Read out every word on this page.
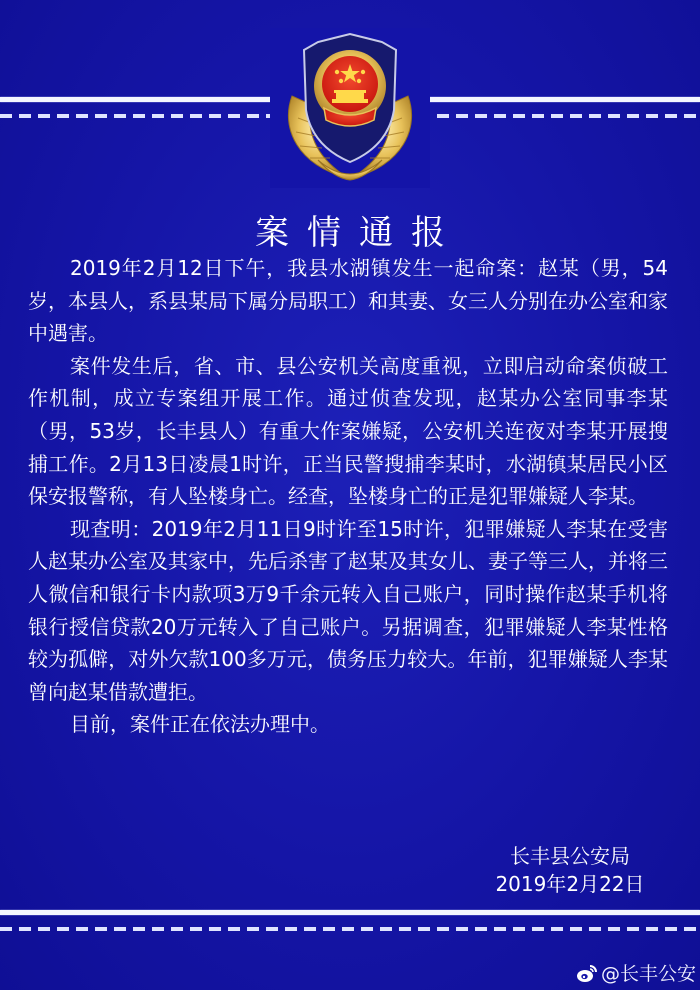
案情通报

2019年2月12日下午，我县水湖镇发生一起命案：赵某（男，54岁，本县人，系县某局下属分局职工）和其妻、女三人分别在办公室和家中遇害。

案件发生后，省、市、县公安机关高度重视，立即启动命案侦破工作机制，成立专案组开展工作。通过侦查发现，赵某办公室同事李某（男，53岁，长丰县人）有重大作案嫌疑，公安机关连夜对李某开展搜捕工作。2月13日凌晨1时许，正当民警搜捕李某时，水湖镇某居民小区保安报警称，有人坠楼身亡。经查，坠楼身亡的正是犯罪嫌疑人李某。

现查明：2019年2月11日9时许至15时许，犯罪嫌疑人李某在受害人赵某办公室及其家中，先后杀害了赵某及其女儿、妻子等三人，并将三人微信和银行卡内款项3万9千余元转入自己账户，同时操作赵某手机将银行授信贷款20万元转入了自己账户。另据调查，犯罪嫌疑人李某性格较为孤僻，对外欠款100多万元，债务压力较大。年前，犯罪嫌疑人李某曾向赵某借款遭拒。

目前，案件正在依法办理中。

长丰县公安局
2019年2月22日
@长丰公安
